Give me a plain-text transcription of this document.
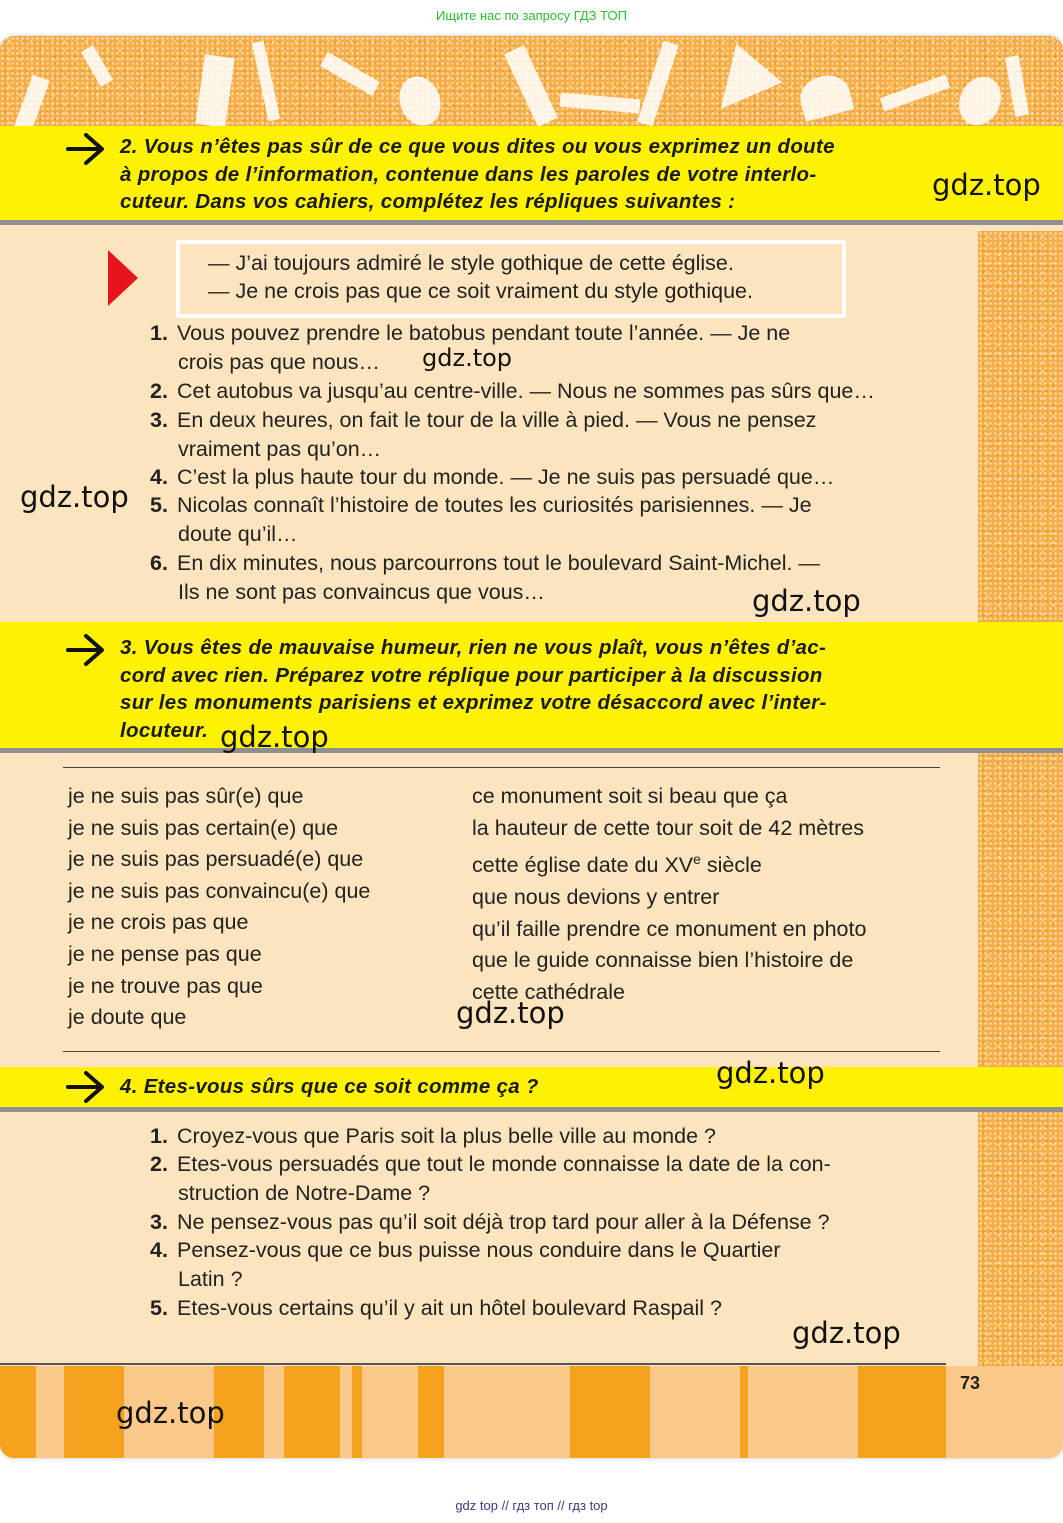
Ищите нас по запросу ГДЗ ТОП
2. Vous n’êtes pas sûr de ce que vous dites ou vous exprimez un doute
à propos de l’information, contenue dans les paroles de votre interlo-
cuteur. Dans vos cahiers, complétez les répliques suivantes :
— J’ai toujours admiré le style gothique de cette église.
— Je ne crois pas que ce soit vraiment du style gothique.
1. Vous pouvez prendre le batobus pendant toute l’année. — Je ne
crois pas que nous…
2. Cet autobus va jusqu’au centre-ville. — Nous ne sommes pas sûrs que…
3. En deux heures, on fait le tour de la ville à pied. — Vous ne pensez
vraiment pas qu’on…
4. C’est la plus haute tour du monde. — Je ne suis pas persuadé que…
5. Nicolas connaît l’histoire de toutes les curiosités parisiennes. — Je
doute qu’il…
6. En dix minutes, nous parcourrons tout le boulevard Saint-Michel. —
Ils ne sont pas convaincus que vous…
3. Vous êtes de mauvaise humeur, rien ne vous plaît, vous n’êtes d’ac-
cord avec rien. Préparez votre réplique pour participer à la discussion
sur les monuments parisiens et exprimez votre désaccord avec l’inter-
locuteur.
je ne suis pas sûr(e) que
je ne suis pas certain(e) que
je ne suis pas persuadé(e) que
je ne suis pas convaincu(e) que
je ne crois pas que
je ne pense pas que
je ne trouve pas que
je doute que
ce monument soit si beau que ça
la hauteur de cette tour soit de 42 mètres
cette église date du XVe siècle
que nous devions y entrer
qu’il faille prendre ce monument en photo
que le guide connaisse bien l’histoire de
cette cathédrale
4. Etes-vous sûrs que ce soit comme ça ?
1. Croyez-vous que Paris soit la plus belle ville au monde ?
2. Etes-vous persuadés que tout le monde connaisse la date de la con-
struction de Notre-Dame ?
3. Ne pensez-vous pas qu’il soit déjà trop tard pour aller à la Défense ?
4. Pensez-vous que ce bus puisse nous conduire dans le Quartier
Latin ?
5. Etes-vous certains qu’il y ait un hôtel boulevard Raspail ?
73
gdz.top
gdz.top
gdz.top
gdz.top
gdz.top
gdz.top
gdz.top
gdz.top
gdz.top
gdz top // гдз топ // гдз top
